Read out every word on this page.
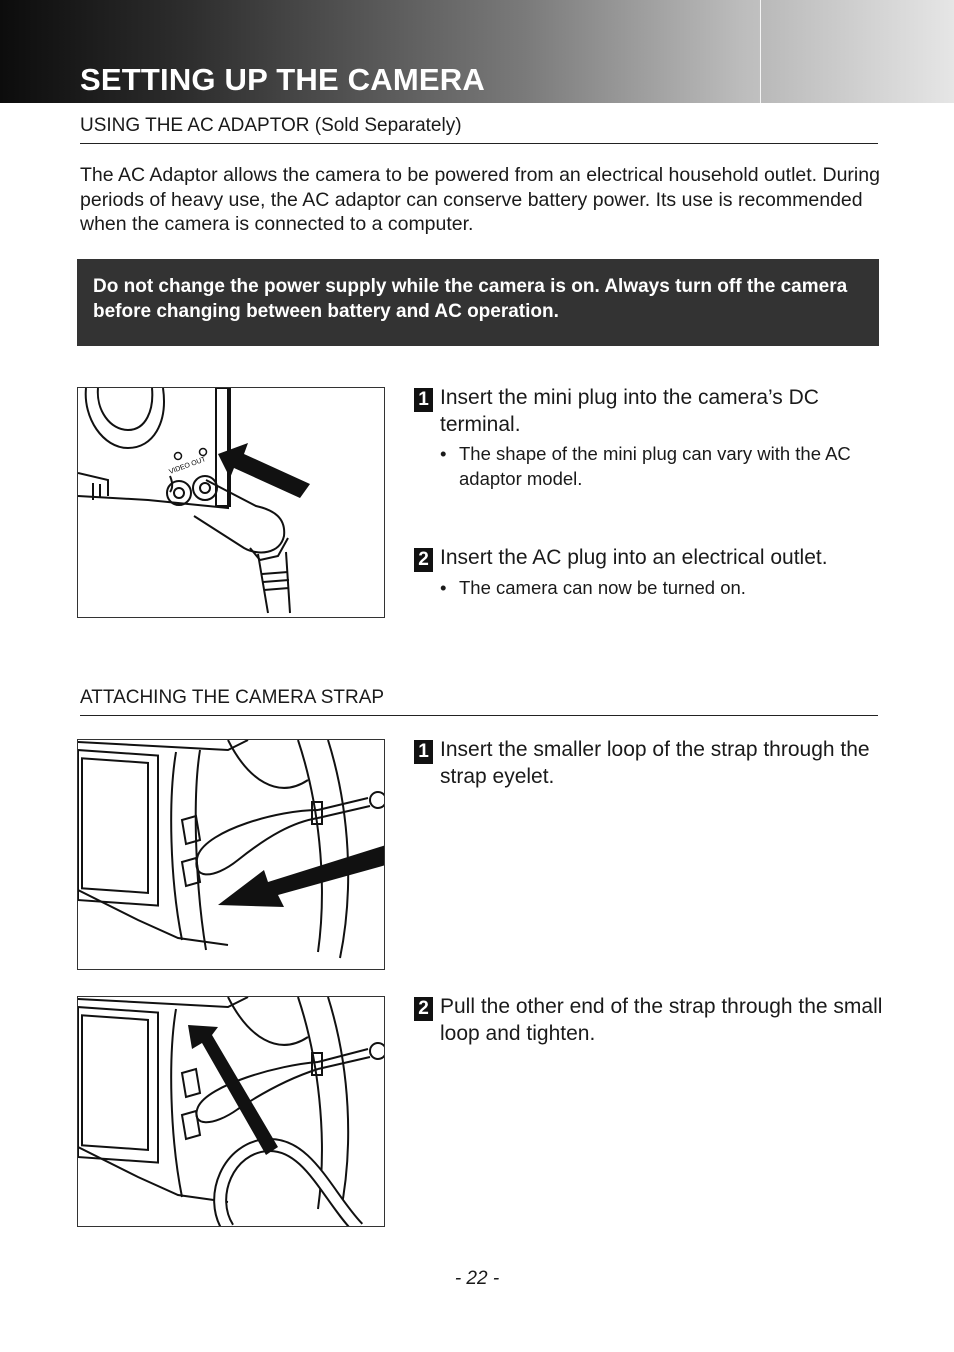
SETTING UP THE CAMERA
USING THE AC ADAPTOR (Sold Separately)

The AC Adaptor allows the camera to be powered from an electrical household outlet. During periods of heavy use, the AC adaptor can conserve battery power. Its use is recommended when the camera is connected to a computer.

Do not change the power supply while the camera is on. Always turn off the camera before changing between battery and AC operation.
VIDEO OUT
1 Insert the mini plug into the camera’s DC terminal.

• The shape of the mini plug can vary with the AC adaptor model.
2 Insert the AC plug into an electrical outlet.

• The camera can now be turned on.
ATTACHING THE CAMERA STRAP
1 Insert the smaller loop of the strap through the strap eyelet.

2 Pull the other end of the strap through the small loop and tighten.

- 22 -
